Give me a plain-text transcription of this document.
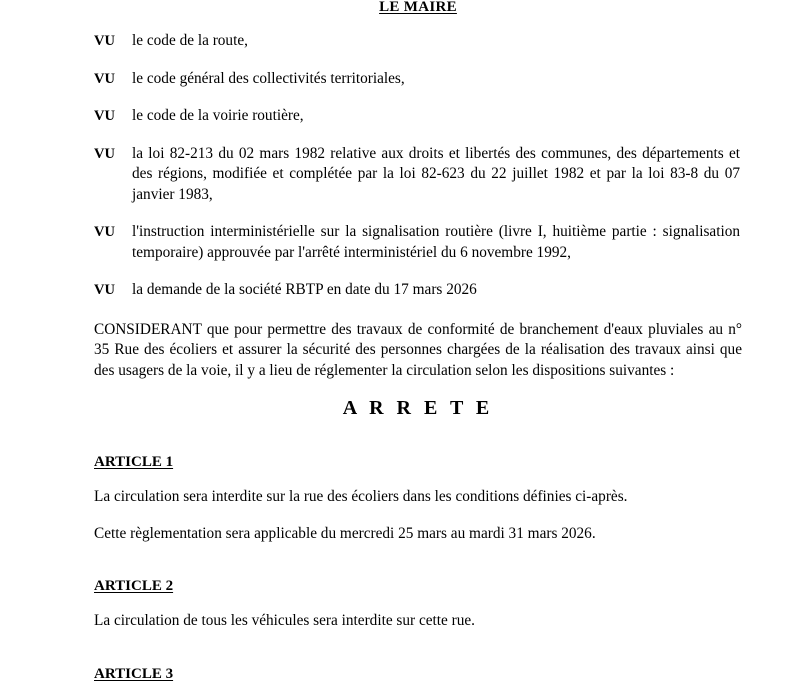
LE MAIRE
VU	le code de la route,
VU	le code général des collectivités territoriales,
VU	le code de la voirie routière,
VU	la loi 82-213 du 02 mars 1982 relative aux droits et libertés des communes, des départements et des régions, modifiée et complétée par la loi 82-623 du 22 juillet 1982 et par la loi 83-8 du 07 janvier 1983,
VU	l'instruction interministérielle sur la signalisation routière (livre I, huitième partie : signalisation temporaire) approuvée par l'arrêté interministériel du 6 novembre 1992,
VU	la demande de la société RBTP en date du 17 mars 2026
CONSIDERANT que pour permettre des travaux de conformité de branchement d'eaux pluviales au n° 35 Rue des écoliers et assurer la sécurité des personnes chargées de la réalisation des travaux ainsi que des usagers de la voie, il y a lieu de réglementer la circulation selon les dispositions suivantes :
A R R E T E
ARTICLE 1
La circulation sera interdite sur la rue des écoliers dans les conditions définies ci-après.
Cette règlementation sera applicable du mercredi 25 mars au mardi 31 mars 2026.
ARTICLE 2
La circulation de tous les véhicules sera interdite sur cette rue.
ARTICLE 3
